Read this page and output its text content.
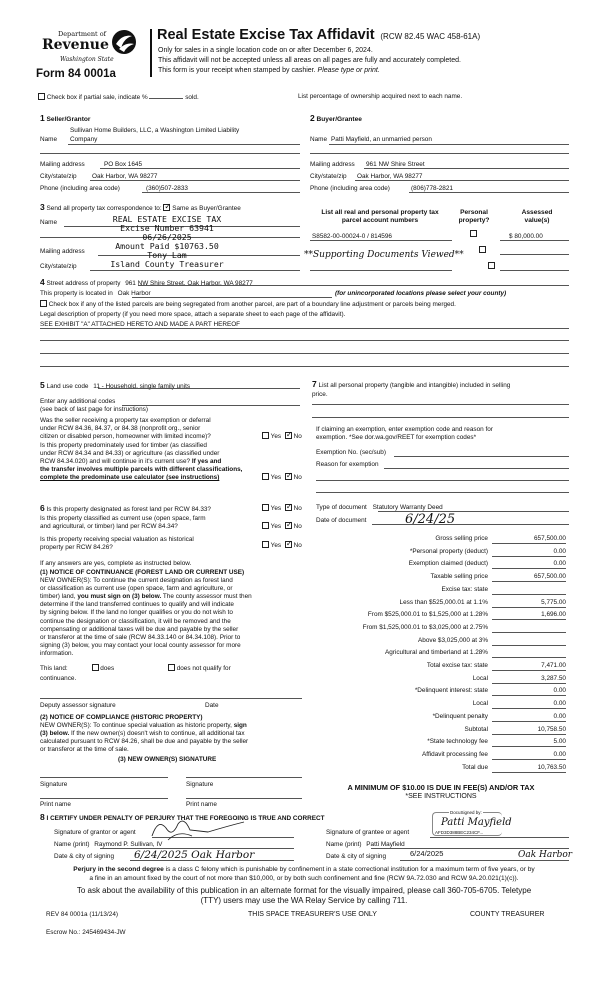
Department of
Revenue
Washington State
Form 84 0001a
Real Estate Excise Tax Affidavit (RCW 82.45 WAC 458-61A)
Only for sales in a single location code on or after December 6, 2024.
This affidavit will not be accepted unless all areas on all pages are fully and accurately completed.
This form is your receipt when stamped by cashier. Please type or print.
Check box if partial sale, indicate %	sold.	List percentage of ownership acquired next to each name.
1 Seller/Grantor
Sullivan Home Builders, LLC, a Washington Limited Liability
Name Company
Mailing address	PO Box 1645
City/state/zip Oak Harbor, WA 98277
Phone (including area code)	(360)507-2833
2 Buyer/Grantee
Name Patti Mayfield, an unmarried person
Mailing address 961 NW Shire Street
City/state/zip Oak Harbor, WA 98277
Phone (including area code)	(806)778-2821
3 Send all property tax correspondence to: ✓ Same as Buyer/Grantee
Name
Mailing address
City/state/zip
REAL ESTATE EXCISE TAX
Excise Number 63941
06/26/2025
Amount Paid $10763.50
Tony Lam
Island County Treasurer
List all real and personal property tax
parcel account numbers
Personal
property?
Assessed
value(s)
S8582-00-00024-0 / 814596
	$ 80,000.00
**Supporting Documents Viewed**

4 Street address of property 961 NW Shire Street, Oak Harbor, WA 98277
This property is located in Oak Harbor	(for unincorporated locations please select your county)
Check box if any of the listed parcels are being segregated from another parcel, are part of a boundary line adjustment or parcels being merged.
Legal description of property (if you need more space, attach a separate sheet to each page of the affidavit).
SEE EXHIBIT "A" ATTACHED HERETO AND MADE A PART HEREOF
5 Land use code 11 - Household, single family units
Enter any additional codes
(see back of last page for instructions)
Was the seller receiving a property tax exemption or deferral
under RCW 84.36, 84.37, or 84.38 (nonprofit org., senior
citizen or disabled person, homeowner with limited income)?	Yes ✓ No
Is this property predominately used for timber (as classified
under RCW 84.34 and 84.33) or agriculture (as classified under
RCW 84.34.020) and will continue in it's current use? If yes and
the transfer involves multiple parcels with different classifications,
complete the predominate use calculator (see instructions)	Yes ✓ No
7 List all personal property (tangible and intangible) included in selling
price.
If claiming an exemption, enter exemption code and reason for
exemption. *See dor.wa.gov/REET for exemption codes*
Exemption No. (sec/sub)
Reason for exemption
6 Is this property designated as forest land per RCW 84.33?	Yes ✓ No
Is this property classified as current use (open space, farm
and agricultural, or timber) land per RCW 84.34?	Yes ✓ No
Is this property receiving special valuation as historical
property per RCW 84.26?	Yes ✓ No
If any answers are yes, complete as instructed below.
(1) NOTICE OF CONTINUANCE (FOREST LAND OR CURRENT USE)
NEW OWNER(S): To continue the current designation as forest land
or classification as current use (open space, farm and agriculture, or
timber) land, you must sign on (3) below. The county assessor must then
determine if the land transferred continues to qualify and will indicate
by signing below. If the land no longer qualifies or you do not wish to
continue the designation or classification, it will be removed and the
compensating or additional taxes will be due and payable by the seller
or transferor at the time of sale (RCW 84.33.140 or 84.34.108). Prior to
signing (3) below, you may contact your local county assessor for more
information.
This land:	does	does not qualify for
continuance.
Deputy assessor signature	Date
(2) NOTICE OF COMPLIANCE (HISTORIC PROPERTY)
NEW OWNER(S): To continue special valuation as historic property, sign
(3) below. If the new owner(s) doesn't wish to continue, all additional tax
calculated pursuant to RCW 84.26, shall be due and payable by the seller
or transferor at the time of sale.
(3) NEW OWNER(S) SIGNATURE
Signature	Signature
Print name	Print name
Type of document Statutory Warranty Deed
Date of document	6/24/25
Gross selling price	657,500.00
*Personal property (deduct)	0.00
Exemption claimed (deduct)	0.00
Taxable selling price	657,500.00
Excise tax: state
Less than $525,000.01 at 1.1%	5,775.00
From $525,000.01 to $1,525,000 at 1.28%	1,696.00
From $1,525,000.01 to $3,025,000 at 2.75%
Above $3,025,000 at 3%
Agricultural and timberland at 1.28%
Total excise tax: state	7,471.00
Local	3,287.50
*Delinquent interest: state	0.00
Local	0.00
*Delinquent penalty	0.00
Subtotal	10,758.50
*State technology fee	5.00
Affidavit processing fee	0.00
Total due	10,763.50
A MINIMUM OF $10.00 IS DUE IN FEE(S) AND/OR TAX
*SEE INSTRUCTIONS
8 I CERTIFY UNDER PENALTY OF PERJURY THAT THE FOREGOING IS TRUE AND CORRECT
Signature of grantor or agent
Name (print) Raymond P. Sullivan, IV
Date & city of signing 6/24/2025 Oak Harbor
Signature of grantee or agent
DocuSigned by:
Patti Mayfield
AFD3D388BEC234CF...
Name (print) Patti Mayfield
Date & city of signing	6/24/2025	Oak Harbor
Perjury in the second degree is a class C felony which is punishable by confinement in a state correctional institution for a maximum term of five years, or by
a fine in an amount fixed by the court of not more than $10,000, or by both such confinement and fine (RCW 9A.72.030 and RCW 9A.20.021(1)(c)).
To ask about the availability of this publication in an alternate format for the visually impaired, please call 360-705-6705. Teletype
(TTY) users may use the WA Relay Service by calling 711.
REV 84 0001a (11/13/24)	THIS SPACE TREASURER'S USE ONLY	COUNTY TREASURER
Escrow No.: 245469434-JW
